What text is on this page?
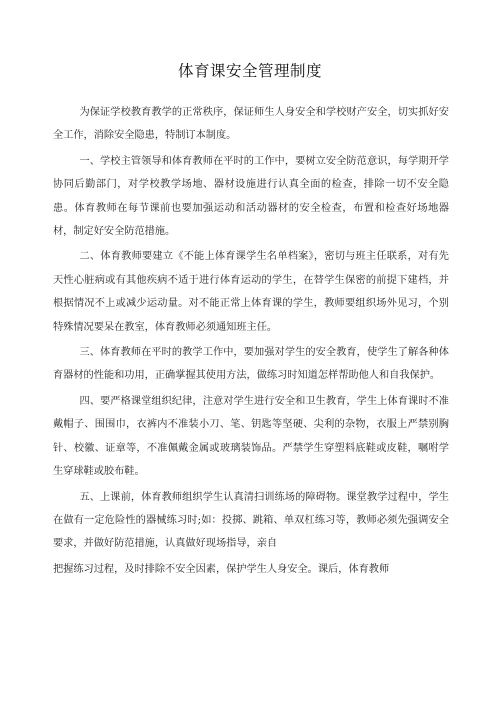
体育课安全管理制度

为保证学校教育教学的正常秩序，保证师生人身安全和学校财产安全，切实抓好安全工作，消除安全隐患，特制订本制度。

一、学校主管领导和体育教师在平时的工作中，要树立安全防范意识，每学期开学协同后勤部门，对学校教学场地、器材设施进行认真全面的检查，排除一切不安全隐患。体育教师在每节课前也要加强运动和活动器材的安全检查，布置和检查好场地器材，制定好安全防范措施。

二、体育教师要建立《不能上体育课学生名单档案》，密切与班主任联系，对有先天性心脏病或有其他疾病不适于进行体育运动的学生，在替学生保密的前提下建档，并根据情况不上或减少运动量。对不能正常上体育课的学生，教师要组织场外见习，个别特殊情况要呆在教室，体育教师必须通知班主任。

三、体育教师在平时的教学工作中，要加强对学生的安全教育，使学生了解各种体育器材的性能和功用，正确掌握其使用方法，做练习时知道怎样帮助他人和自我保护。

四、要严格课堂组织纪律，注意对学生进行安全和卫生教育，学生上体育课时不准戴帽子、围围巾，衣裤内不准装小刀、笔、钥匙等坚硬、尖利的杂物，衣服上严禁别胸针、校徽、证章等，不准佩戴金属或玻璃装饰品。严禁学生穿塑料底鞋或皮鞋，嘱咐学生穿球鞋或胶布鞋。

五、上课前，体育教师组织学生认真清扫训练场的障碍物。课堂教学过程中，学生在做有一定危险性的器械练习时;如：投掷、跳箱、单双杠练习等，教师必须先强调安全要求，并做好防范措施，认真做好现场指导，亲自

把握练习过程，及时排除不安全因素，保护学生人身安全。课后，体育教师
